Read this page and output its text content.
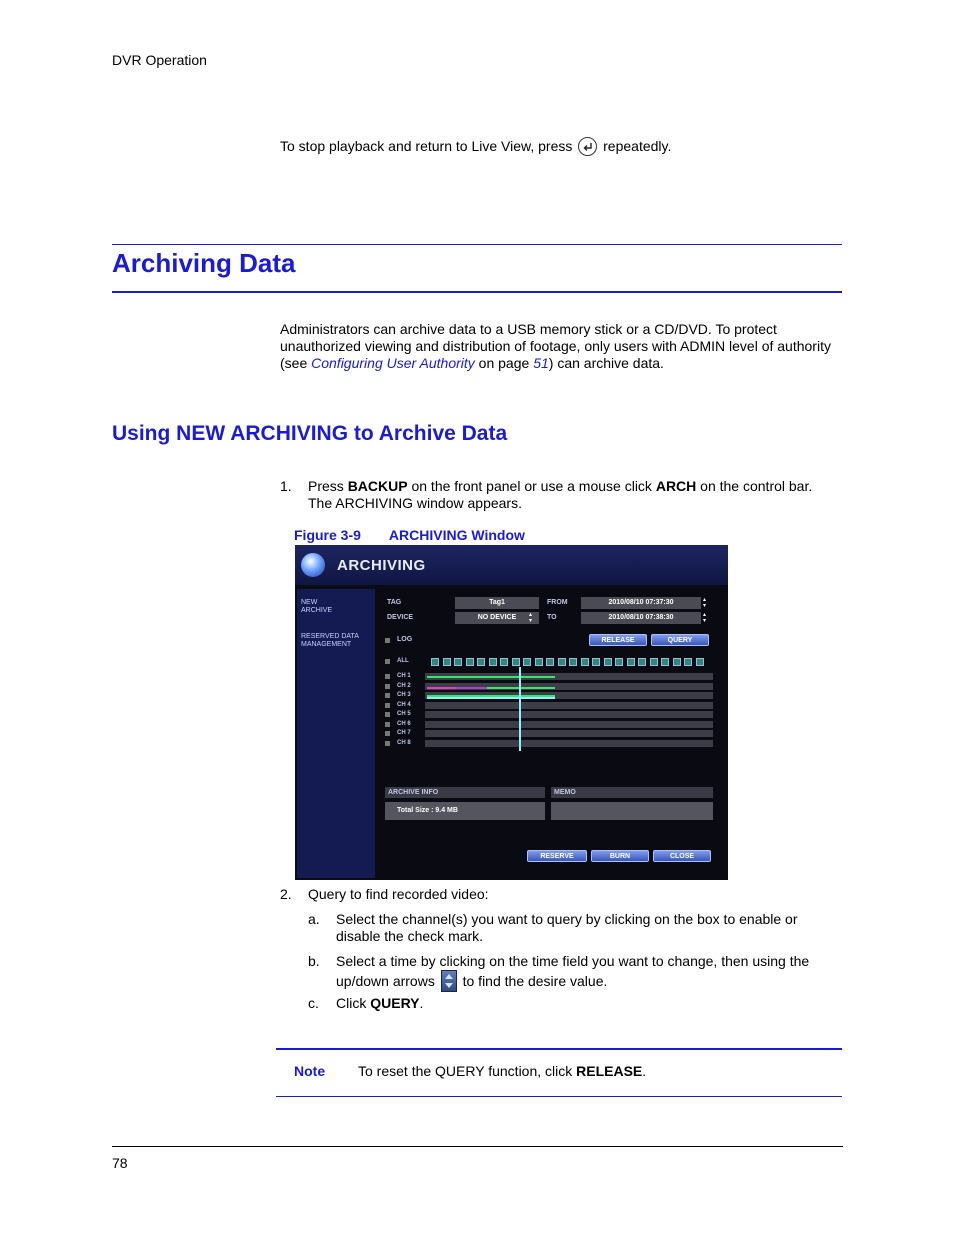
DVR Operation
To stop playback and return to Live View, press repeatedly.
Archiving Data
Administrators can archive data to a USB memory stick or a CD/DVD. To protect
unauthorized viewing and distribution of footage, only users with ADMIN level of authority
(see Configuring User Authority on page 51) can archive data.
Using NEW ARCHIVING to Archive Data
1. Press BACKUP on the front panel or use a mouse click ARCH on the control bar.
The ARCHIVING window appears.
Figure 3-9 ARCHIVING Window
ARCHIVING
NEW ARCHIVE
RESERVED DATA MANAGEMENT
TAG	Tag1
DEVICE	NO DEVICE	▴
▾
FROM	2010/08/10 07:37:30	▴
▾
TO	2010/08/10 07:38:30	▴
▾
LOG	RELEASE	QUERY
ALL
CH 1
CH 2
CH 3
CH 4
CH 5
CH 6
CH 7
CH 8
ARCHIVE INFO	MEMO
Total Size : 9.4 MB
RESERVE	BURN	CLOSE
2. Query to find recorded video:
a. Select the channel(s) you want to query by clicking on the box to enable or
disable the check mark.
b. Select a time by clicking on the time field you want to change, then using the
up/down arrows to find the desire value.
c. Click QUERY.
Note To reset the QUERY function, click RELEASE.
78
